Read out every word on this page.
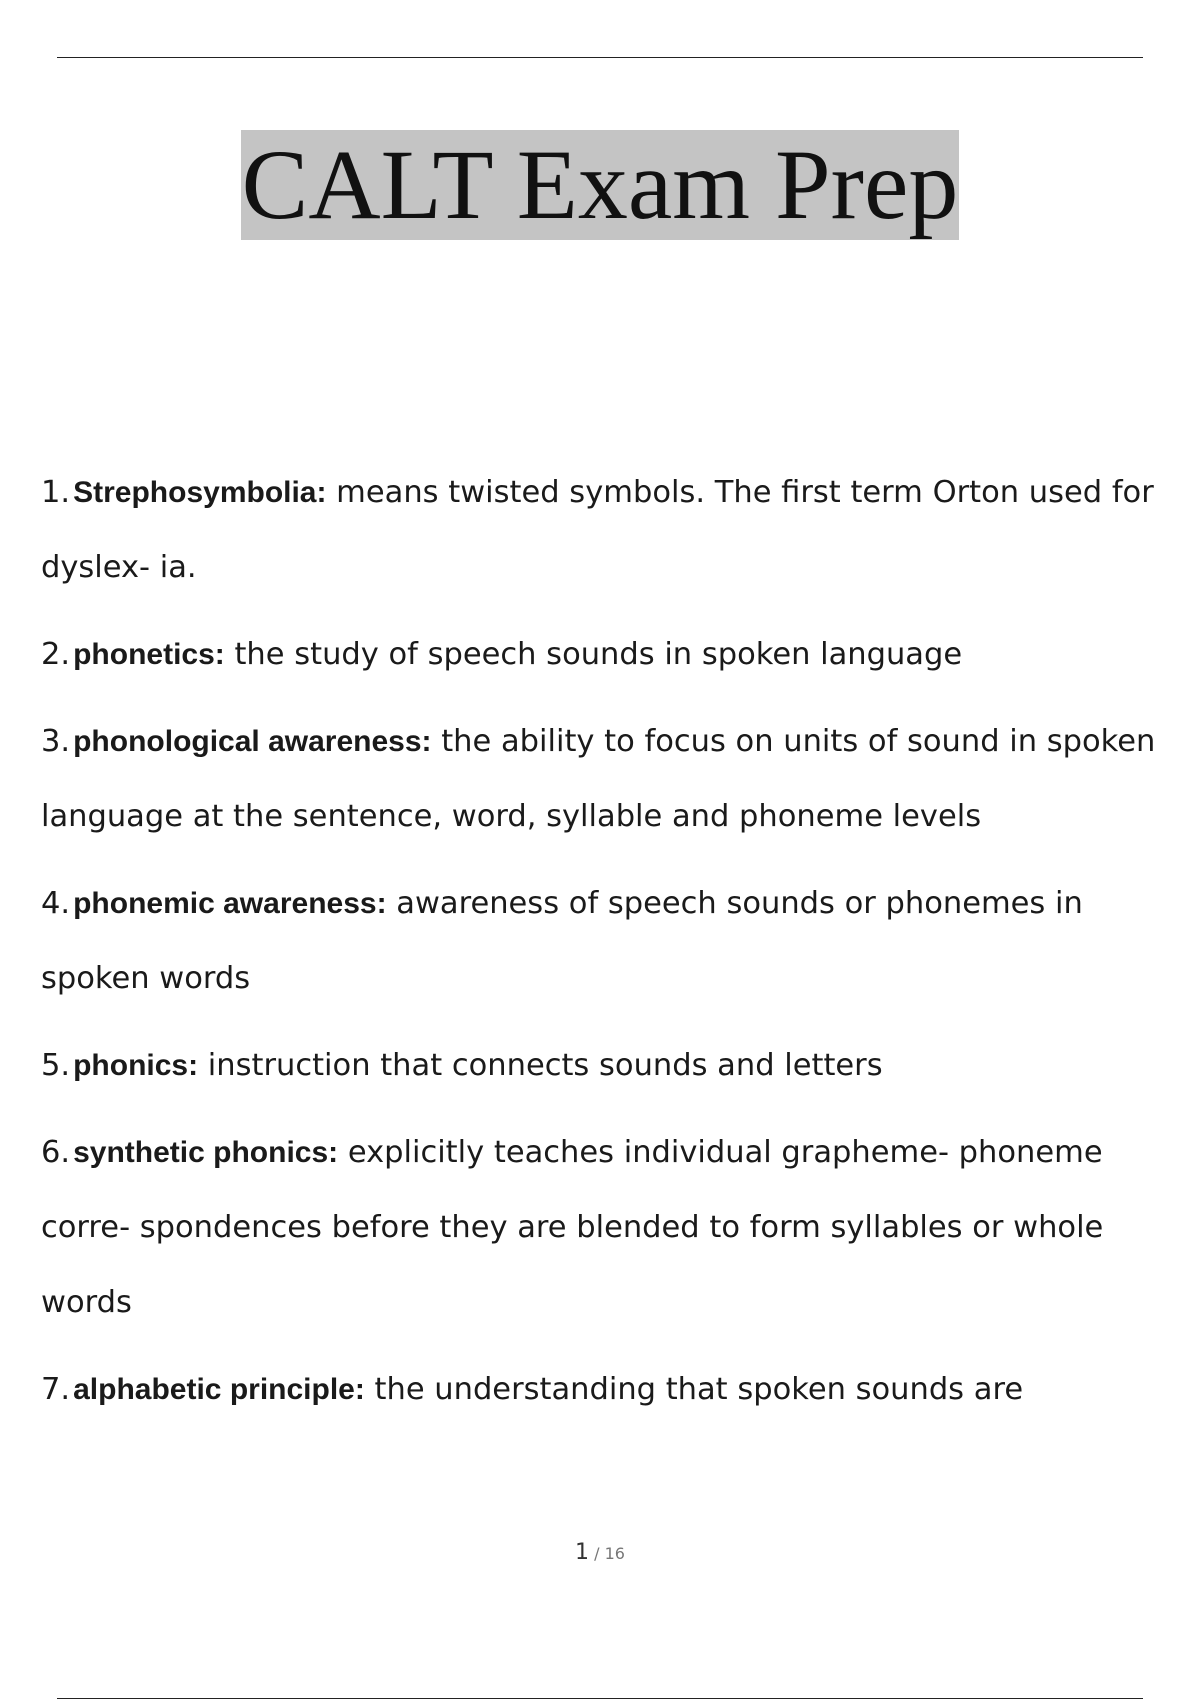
CALT Exam Prep
1. Strephosymbolia: means twisted symbols. The first term Orton used for dyslex- ia.
2. phonetics: the study of speech sounds in spoken language
3. phonological awareness: the ability to focus on units of sound in spoken language at the sentence, word, syllable and phoneme levels
4. phonemic awareness: awareness of speech sounds or phonemes in spoken words
5. phonics: instruction that connects sounds and letters
6. synthetic phonics: explicitly teaches individual grapheme- phoneme corre- spondences before they are blended to form syllables or whole words
7. alphabetic principle: the understanding that spoken sounds are
1 / 16
